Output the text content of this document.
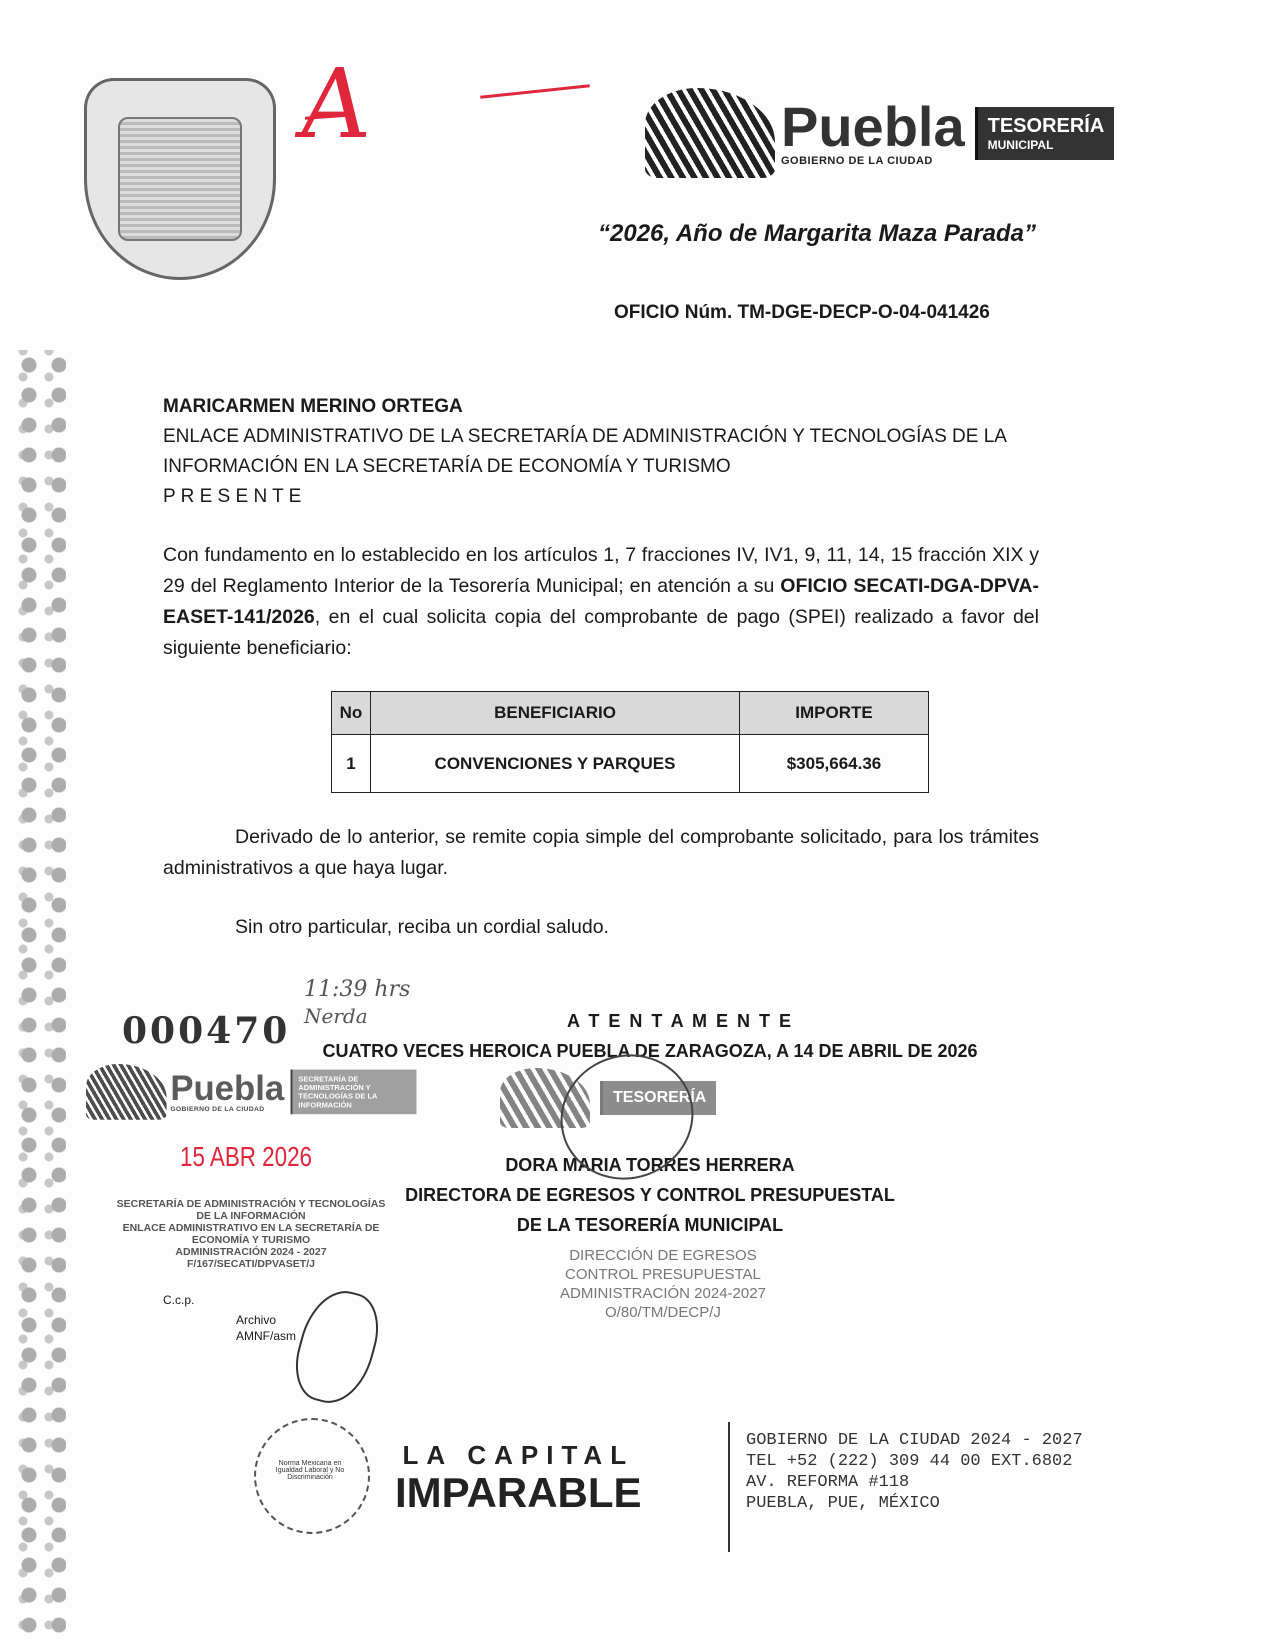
A	Puebla
GOBIERNO DE LA CIUDAD
TESORERÍA
MUNICIPAL
“2026, Año de Margarita Maza Parada”
OFICIO Núm. TM-DGE-DECP-O-04-041426
MARICARMEN MERINO ORTEGA
ENLACE ADMINISTRATIVO DE LA SECRETARÍA DE ADMINISTRACIÓN Y TECNOLOGÍAS DE LA
INFORMACIÓN EN LA SECRETARÍA DE ECONOMÍA Y TURISMO
P R E S E N T E
Con fundamento en lo establecido en los artículos 1, 7 fracciones IV, IV1, 9, 11, 14, 15 fracción XIX y 29 del Reglamento Interior de la Tesorería Municipal; en atención a su OFICIO SECATI-DGA-DPVA-EASET-141/2026, en el cual solicita copia del comprobante de pago (SPEI) realizado a favor del siguiente beneficiario:
No	BENEFICIARIO	IMPORTE
1	CONVENCIONES Y PARQUES	$305,664.36
Derivado de lo anterior, se remite copia simple del comprobante solicitado, para los trámites administrativos a que haya lugar.
Sin otro particular, reciba un cordial saludo.
000470
11:39 hrs
Nerda	A T E N T A M E N T E
CUATRO VECES HEROICA PUEBLA DE ZARAGOZA, A 14 DE ABRIL DE 2026
DORA MARIA TORRES HERRERA
DIRECTORA DE EGRESOS Y CONTROL PRESUPUESTAL
DE LA TESORERÍA MUNICIPAL
TESORERÍA
DIRECCIÓN DE EGRESOS
CONTROL PRESUPUESTAL
ADMINISTRACIÓN 2024-2027
O/80/TM/DECP/J
Puebla
GOBIERNO DE LA CIUDAD
SECRETARÍA DE ADMINISTRACIÓN Y TECNOLOGÍAS DE LA INFORMACIÓN
15 ABR 2026
SECRETARÍA DE ADMINISTRACIÓN Y TECNOLOGÍAS
DE LA INFORMACIÓN
ENLACE ADMINISTRATIVO EN LA SECRETARÍA DE
ECONOMÍA Y TURISMO
ADMINISTRACIÓN 2024 - 2027
F/167/SECATI/DPVASET/J
C.c.p.
Archivo
AMNF/asm
Norma Mexicana en Igualdad Laboral y No Discriminación
LA CAPITAL
IMPARABLE
GOBIERNO DE LA CIUDAD 2024 - 2027
TEL +52 (222) 309 44 00 EXT.6802
AV. REFORMA #118
PUEBLA, PUE, MÉXICO
